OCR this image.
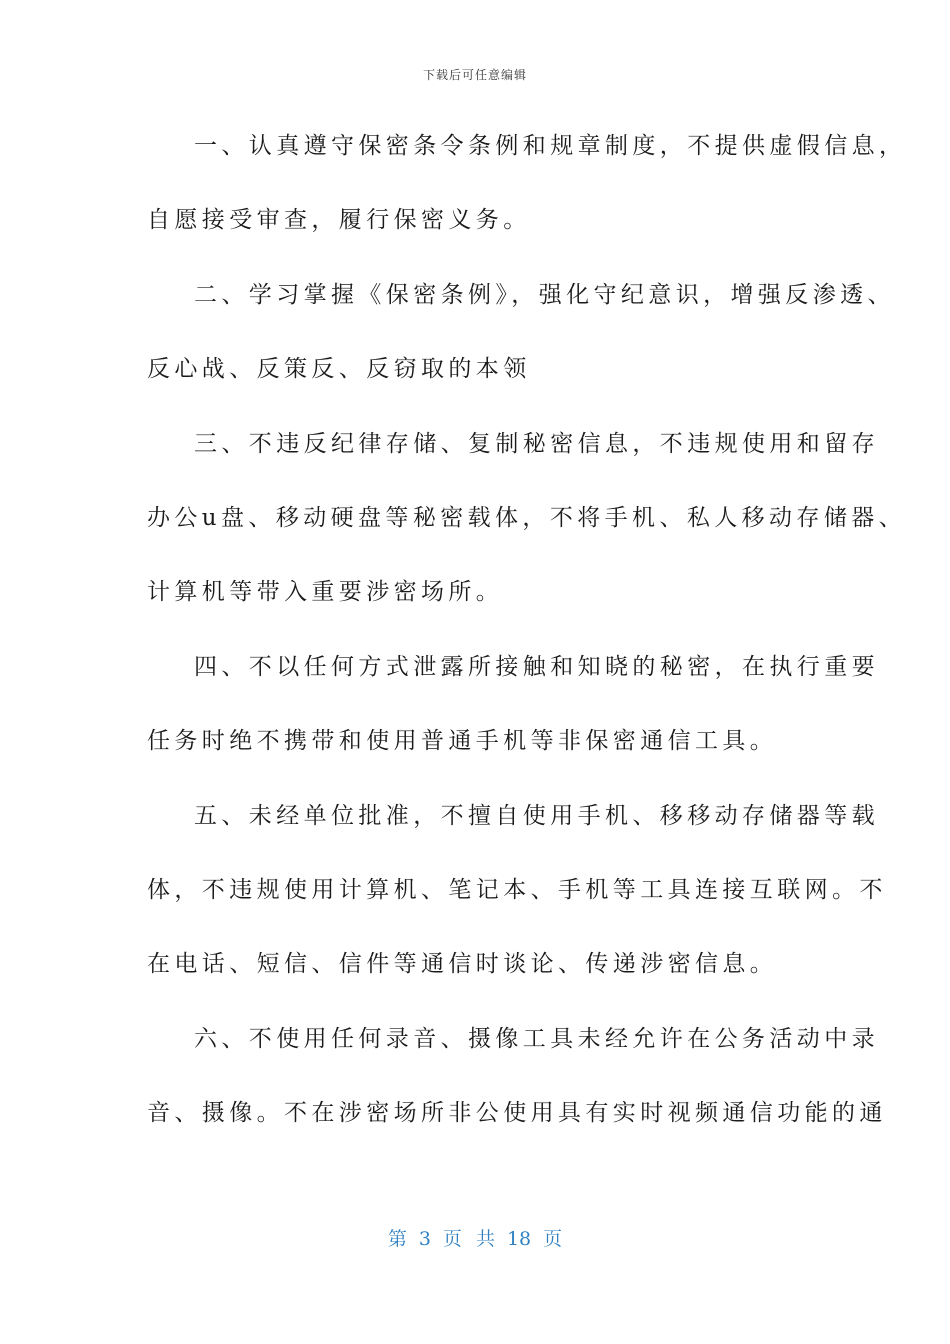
下载后可任意编辑
一、认真遵守保密条令条例和规章制度，不提供虚假信息，
自愿接受审查，履行保密义务。
二、学习掌握《保密条例》，强化守纪意识，增强反渗透、
反心战、反策反、反窃取的本领
三、不违反纪律存储、复制秘密信息，不违规使用和留存
办公u盘、移动硬盘等秘密载体，不将手机、私人移动存储器、
计算机等带入重要涉密场所。
四、不以任何方式泄露所接触和知晓的秘密，在执行重要
任务时绝不携带和使用普通手机等非保密通信工具。
五、未经单位批准，不擅自使用手机、移移动存储器等载
体，不违规使用计算机、笔记本、手机等工具连接互联网。不
在电话、短信、信件等通信时谈论、传递涉密信息。
六、不使用任何录音、摄像工具未经允许在公务活动中录
音、摄像。不在涉密场所非公使用具有实时视频通信功能的通
第 3 页 共 18 页
